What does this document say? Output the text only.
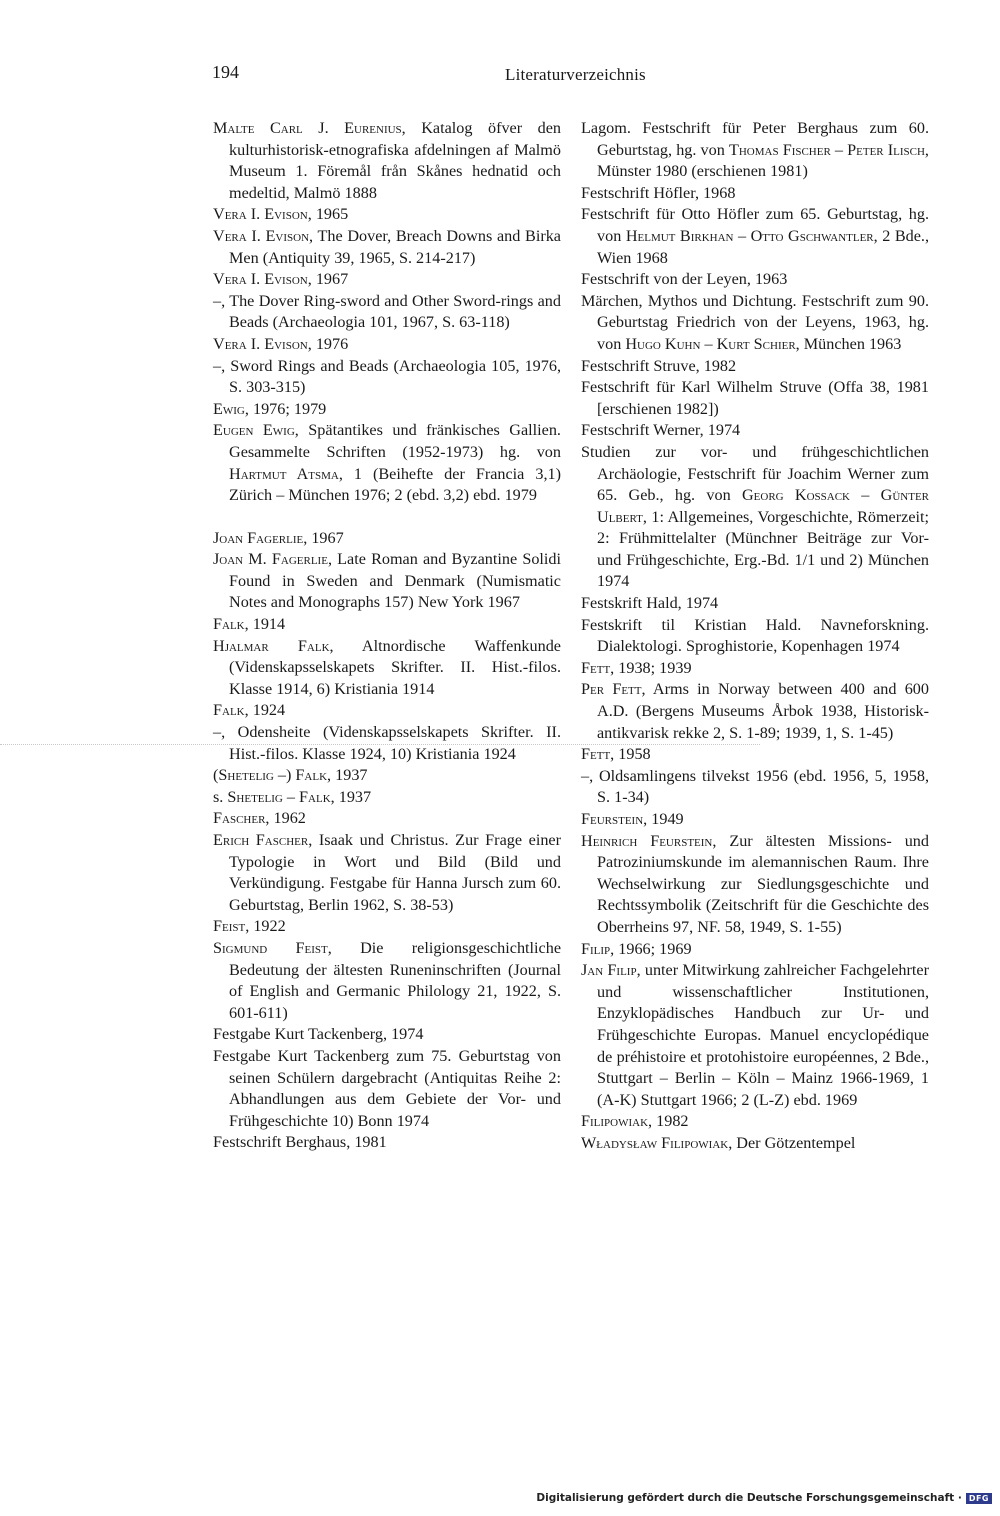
194	Literaturverzeichnis
Malte Carl J. Eurenius, Katalog öfver den kulturhistorisk-etnografiska afdelningen af Malmö Museum 1. Föremål från Skånes hednatid och medeltid, Malmö 1888
Vera I. Evison, 1965
Vera I. Evison, The Dover, Breach Downs and Birka Men (Antiquity 39, 1965, S. 214-217)
Vera I. Evison, 1967
–, The Dover Ring-sword and Other Sword-rings and Beads (Archaeologia 101, 1967, S. 63-118)
Vera I. Evison, 1976
–, Sword Rings and Beads (Archaeologia 105, 1976, S. 303-315)
Ewig, 1976; 1979
Eugen Ewig, Spätantikes und fränkisches Gallien. Gesammelte Schriften (1952-1973) hg. von Hartmut Atsma, 1 (Beihefte der Francia 3,1) Zürich – München 1976; 2 (ebd. 3,2) ebd. 1979
Joan Fagerlie, 1967
Joan M. Fagerlie, Late Roman and Byzantine Solidi Found in Sweden and Denmark (Numismatic Notes and Monographs 157) New York 1967
Falk, 1914
Hjalmar Falk, Altnordische Waffenkunde (Videnskapsselskapets Skrifter. II. Hist.-filos. Klasse 1914, 6) Kristiania 1914
Falk, 1924
–, Odensheite (Videnskapsselskapets Skrifter. II. Hist.-filos. Klasse 1924, 10) Kristiania 1924
(Shetelig –) Falk, 1937
s. Shetelig – Falk, 1937
Fascher, 1962
Erich Fascher, Isaak und Christus. Zur Frage einer Typologie in Wort und Bild (Bild und Verkündigung. Festgabe für Hanna Jursch zum 60. Geburtstag, Berlin 1962, S. 38-53)
Feist, 1922
Sigmund Feist, Die religionsgeschichtliche Bedeutung der ältesten Runeninschriften (Journal of English and Germanic Philology 21, 1922, S. 601-611)
Festgabe Kurt Tackenberg, 1974
Festgabe Kurt Tackenberg zum 75. Geburtstag von seinen Schülern dargebracht (Antiquitas Reihe 2: Abhandlungen aus dem Gebiete der Vor- und Frühgeschichte 10) Bonn 1974
Festschrift Berghaus, 1981
Lagom. Festschrift für Peter Berghaus zum 60. Geburtstag, hg. von Thomas Fischer – Peter Ilisch, Münster 1980 (erschienen 1981)
Festschrift Höfler, 1968
Festschrift für Otto Höfler zum 65. Geburtstag, hg. von Helmut Birkhan – Otto Gschwantler, 2 Bde., Wien 1968
Festschrift von der Leyen, 1963
Märchen, Mythos und Dichtung. Festschrift zum 90. Geburtstag Friedrich von der Leyens, 1963, hg. von Hugo Kuhn – Kurt Schier, München 1963
Festschrift Struve, 1982
Festschrift für Karl Wilhelm Struve (Offa 38, 1981 [erschienen 1982])
Festschrift Werner, 1974
Studien zur vor- und frühgeschichtlichen Archäologie, Festschrift für Joachim Werner zum 65. Geb., hg. von Georg Kossack – Günter Ulbert, 1: Allgemeines, Vorgeschichte, Römerzeit; 2: Frühmittelalter (Münchner Beiträge zur Vor- und Frühgeschichte, Erg.-Bd. 1/1 und 2) München 1974
Festskrift Hald, 1974
Festskrift til Kristian Hald. Navneforskning. Dialektologi. Sproghistorie, Kopenhagen 1974
Fett, 1938; 1939
Per Fett, Arms in Norway between 400 and 600 A.D. (Bergens Museums Årbok 1938, Historisk-antikvarisk rekke 2, S. 1-89; 1939, 1, S. 1-45)
Fett, 1958
–, Oldsamlingens tilvekst 1956 (ebd. 1956, 5, 1958, S. 1-34)
Feurstein, 1949
Heinrich Feurstein, Zur ältesten Missions- und Patroziniumskunde im alemannischen Raum. Ihre Wechselwirkung zur Siedlungsgeschichte und Rechtssymbolik (Zeitschrift für die Geschichte des Oberrheins 97, NF. 58, 1949, S. 1-55)
Filip, 1966; 1969
Jan Filip, unter Mitwirkung zahlreicher Fachgelehrter und wissenschaftlicher Institutionen, Enzyklopädisches Handbuch zur Ur- und Frühgeschichte Europas. Manuel encyclopédique de préhistoire et protohistoire européennes, 2 Bde., Stuttgart – Berlin – Köln – Mainz 1966-1969, 1 (A-K) Stuttgart 1966; 2 (L-Z) ebd. 1969
Filipowiak, 1982
Władysław Filipowiak, Der Götzentempel
Digitalisierung gefördert durch die Deutsche Forschungsgemeinschaft · DFG
